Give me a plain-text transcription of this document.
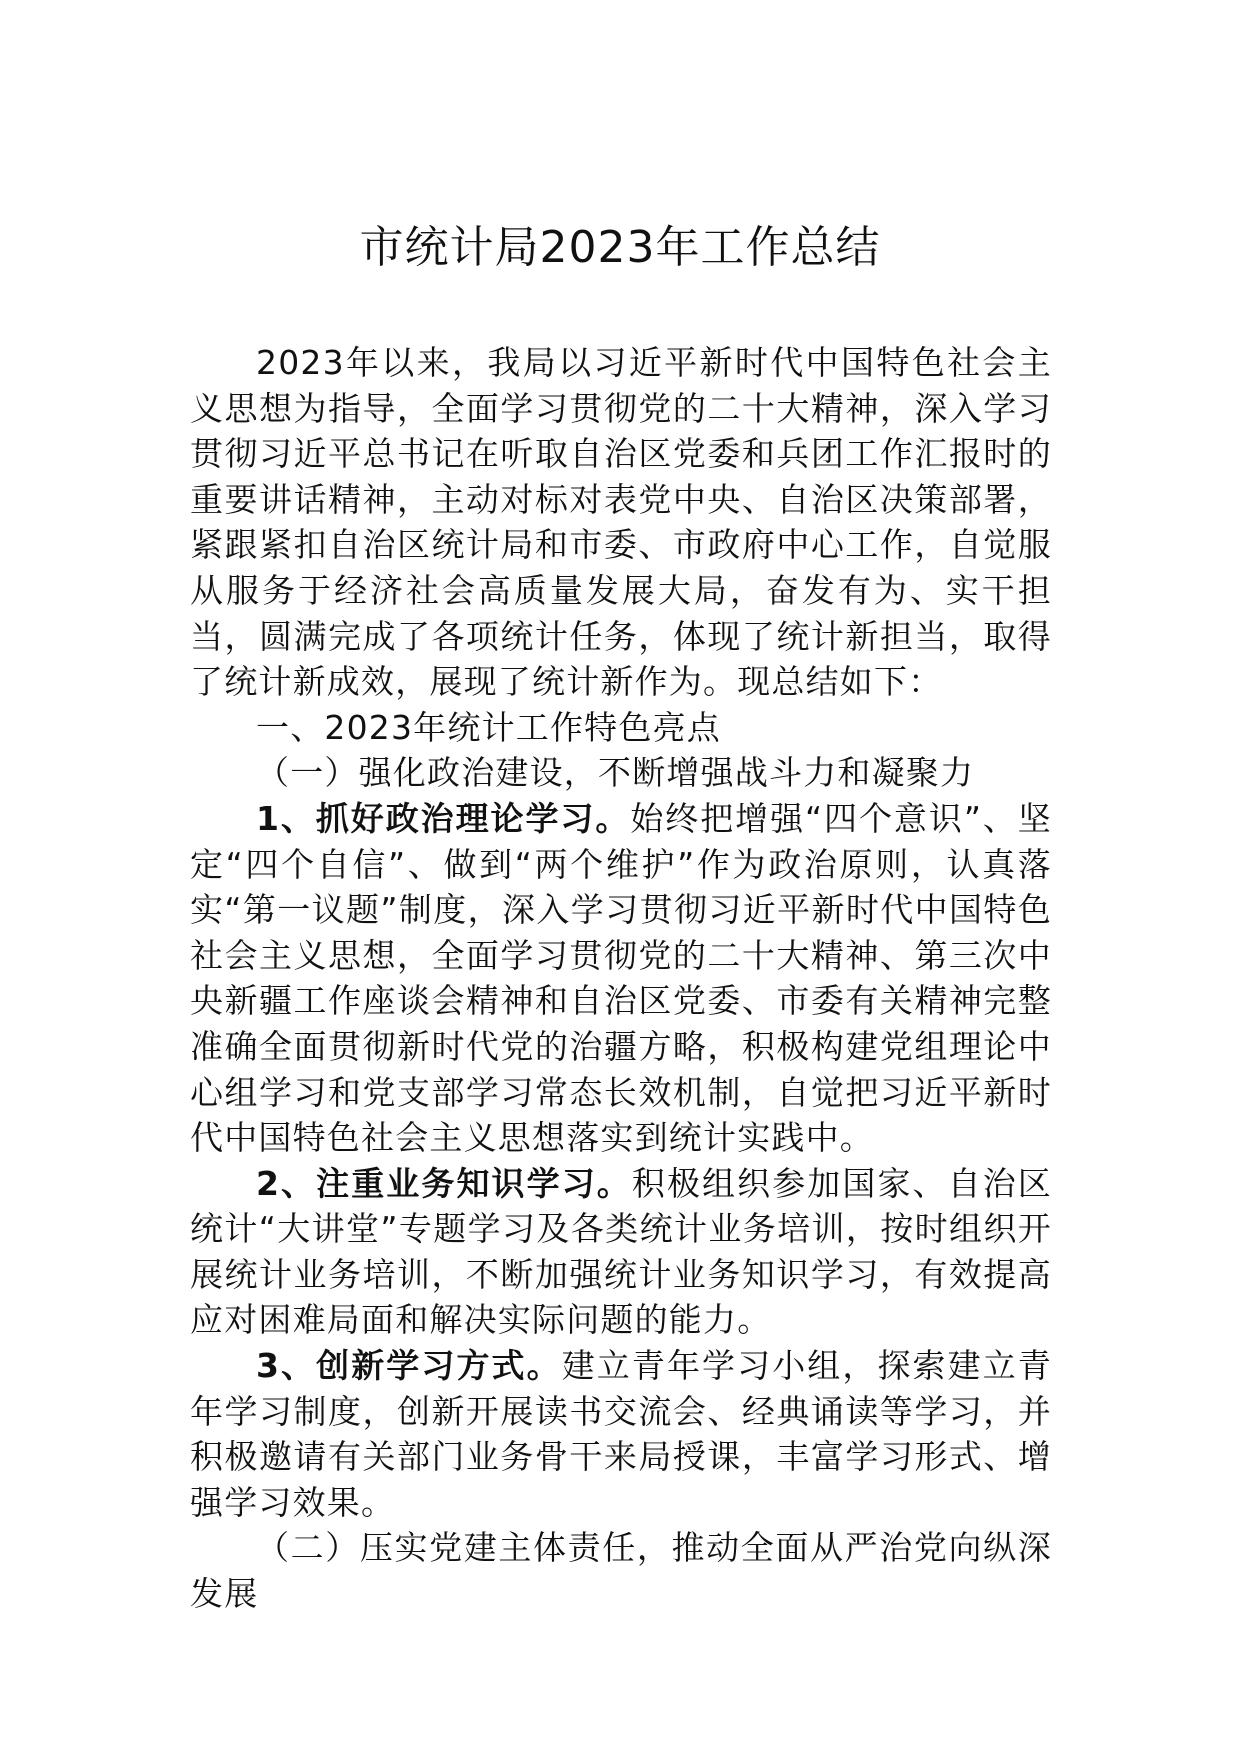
市统计局2023年工作总结

2023年以来，我局以习近平新时代中国特色社会主义思想为指导，全面学习贯彻党的二十大精神，深入学习贯彻习近平总书记在听取自治区党委和兵团工作汇报时的重要讲话精神，主动对标对表党中央、自治区决策部署，紧跟紧扣自治区统计局和市委、市政府中心工作，自觉服从服务于经济社会高质量发展大局，奋发有为、实干担当，圆满完成了各项统计任务，体现了统计新担当，取得了统计新成效，展现了统计新作为。现总结如下：

一、2023年统计工作特色亮点

（一）强化政治建设，不断增强战斗力和凝聚力

1、抓好政治理论学习。始终把增强“四个意识”、坚定“四个自信”、做到“两个维护”作为政治原则，认真落实“第一议题”制度，深入学习贯彻习近平新时代中国特色社会主义思想，全面学习贯彻党的二十大精神、第三次中央新疆工作座谈会精神和自治区党委、市委有关精神完整准确全面贯彻新时代党的治疆方略，积极构建党组理论中心组学习和党支部学习常态长效机制，自觉把习近平新时代中国特色社会主义思想落实到统计实践中。

2、注重业务知识学习。积极组织参加国家、自治区统计“大讲堂”专题学习及各类统计业务培训，按时组织开展统计业务培训，不断加强统计业务知识学习，有效提高应对困难局面和解决实际问题的能力。

3、创新学习方式。建立青年学习小组，探索建立青年学习制度，创新开展读书交流会、经典诵读等学习，并积极邀请有关部门业务骨干来局授课，丰富学习形式、增强学习效果。

（二）压实党建主体责任，推动全面从严治党向纵深发展
